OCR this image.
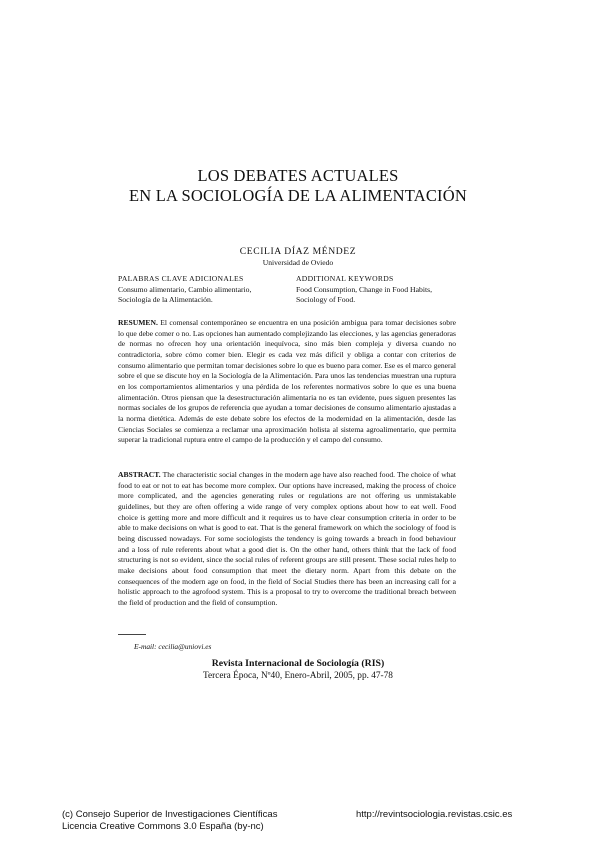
LOS DEBATES ACTUALES
EN LA SOCIOLOGÍA DE LA ALIMENTACIÓN
CECILIA DÍAZ MÉNDEZ
Universidad de Oviedo
PALABRAS CLAVE ADICIONALES
Consumo alimentario, Cambio alimentario, Sociología de la Alimentación.
ADDITIONAL KEYWORDS
Food Consumption, Change in Food Habits, Sociology of Food.
RESUMEN. El comensal contemporáneo se encuentra en una posición ambigua para tomar decisiones sobre lo que debe comer o no. Las opciones han aumentado complejizando las elecciones, y las agencias generadoras de normas no ofrecen hoy una orientación inequívoca, sino más bien compleja y diversa cuando no contradictoria, sobre cómo comer bien. Elegir es cada vez más difícil y obliga a contar con criterios de consumo alimentario que permitan tomar decisiones sobre lo que es bueno para comer. Ese es el marco general sobre el que se discute hoy en la Sociología de la Alimentación. Para unos las tendencias muestran una ruptura en los comportamientos alimentarios y una pérdida de los referentes normativos sobre lo que es una buena alimentación. Otros piensan que la desestructuración alimentaria no es tan evidente, pues siguen presentes las normas sociales de los grupos de referencia que ayudan a tomar decisiones de consumo alimentario ajustadas a la norma dietética. Además de este debate sobre los efectos de la modernidad en la alimentación, desde las Ciencias Sociales se comienza a reclamar una aproximación holista al sistema agroalimentario, que permita superar la tradicional ruptura entre el campo de la producción y el campo del consumo.
ABSTRACT. The characteristic social changes in the modern age have also reached food. The choice of what food to eat or not to eat has become more complex. Our options have increased, making the process of choice more complicated, and the agencies generating rules or regulations are not offering us unmistakable guidelines, but they are often offering a wide range of very complex options about how to eat well. Food choice is getting more and more difficult and it requires us to have clear consumption criteria in order to be able to make decisions on what is good to eat. That is the general framework on which the sociology of food is being discussed nowadays. For some sociologists the tendency is going towards a breach in food behaviour and a loss of rule referents about what a good diet is. On the other hand, others think that the lack of food structuring is not so evident, since the social rules of referent groups are still present. These social rules help to make decisions about food consumption that meet the dietary norm. Apart from this debate on the consequences of the modern age on food, in the field of Social Studies there has been an increasing call for a holistic approach to the agrofood system. This is a proposal to try to overcome the traditional breach between the field of production and the field of consumption.
E-mail: cecilia@uniovi.es
Revista Internacional de Sociología (RIS)
Tercera Época, Nº40, Enero-Abril, 2005, pp. 47-78
(c) Consejo Superior de Investigaciones Científicas
Licencia Creative Commons 3.0 España (by-nc)
http://revintsociologia.revistas.csic.es
